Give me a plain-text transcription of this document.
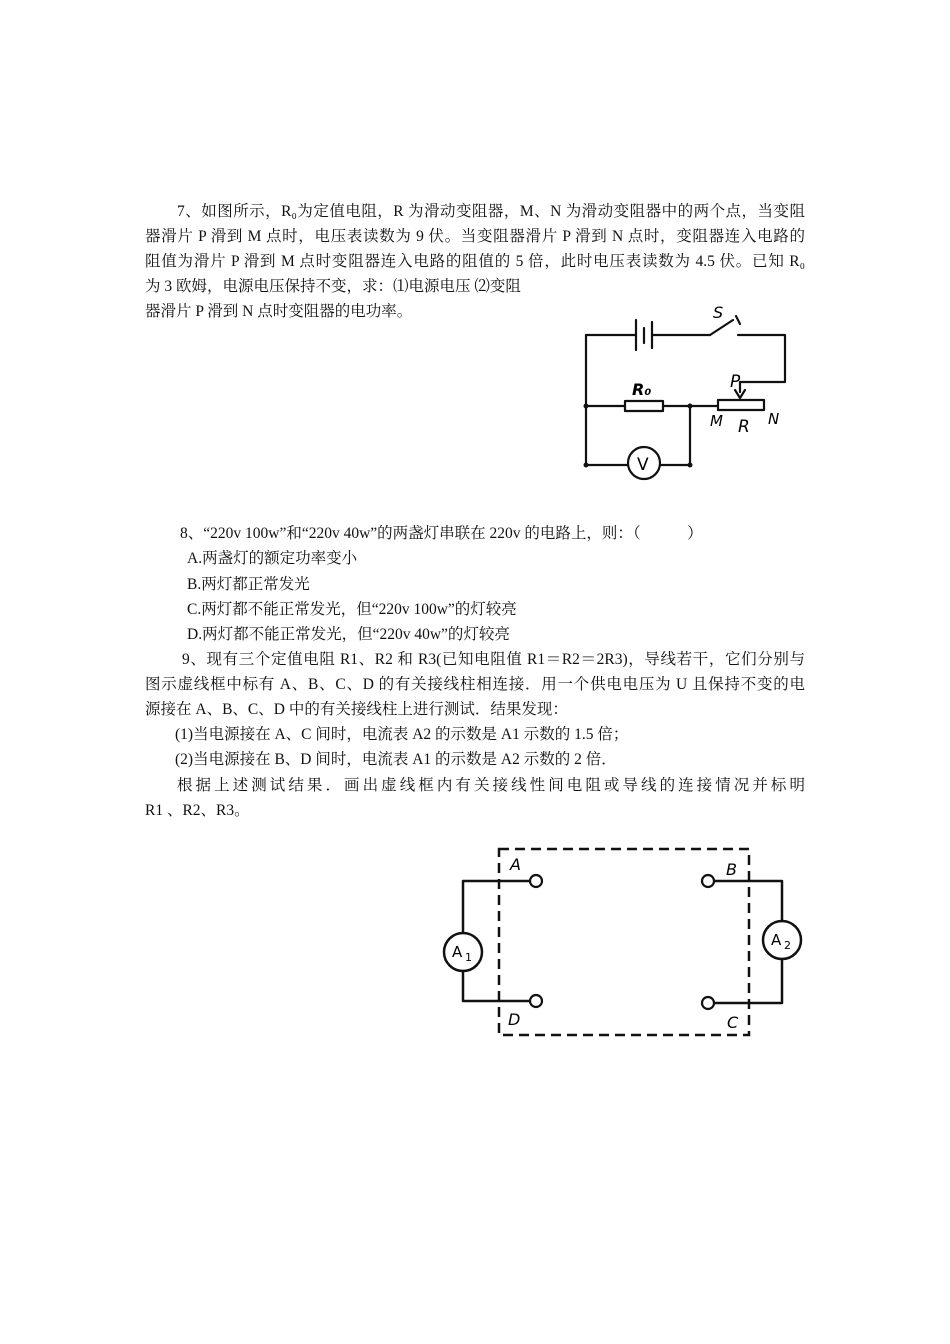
7、如图所示，R₀为定值电阻，R 为滑动变阻器，M、N 为滑动变阻器中的两个点，当变阻
器滑片 P 滑到 M 点时，电压表读数为 9 伏。当变阻器滑片 P 滑到 N 点时，变阻器连入电路的
阻值为滑片 P 滑到 M 点时变阻器连入电路的阻值的 5 倍，此时电压表读数为 4.5 伏。已知 R₀
为 3 欧姆，电源电压保持不变，求：⑴电源电压 ⑵变阻
器滑片 P 滑到 N 点时变阻器的电功率。	S
P
R₀
M R N
V
8、“220v 100w”和“220v 40w”的两盏灯串联在 220v 的电路上，则：（　　　）
A.两盏灯的额定功率变小
B.两灯都正常发光
C.两灯都不能正常发光，但“220v 100w”的灯较亮
D.两灯都不能正常发光，但“220v 40w”的灯较亮
9、现有三个定值电阻 R1、R2 和 R3(已知电阻值 R1＝R2＝2R3)，导线若干，它们分别与
图示虚线框中标有 A、B、C、D 的有关接线柱相连接．用一个供电电压为 U 且保持不变的电
源接在 A、B、C、D 中的有关接线柱上进行测试．结果发现：
(1)当电源接在 A、C 间时，电流表 A2 的示数是 A1 示数的 1.5 倍；
(2)当电源接在 B、D 间时，电流表 A1 的示数是 A2 示数的 2 倍．
根据上述测试结果．画出虚线框内有关接线性间电阻或导线的连接情况并标明
R1 、R2、R3。
A
D
B
C
A 1
A 2
